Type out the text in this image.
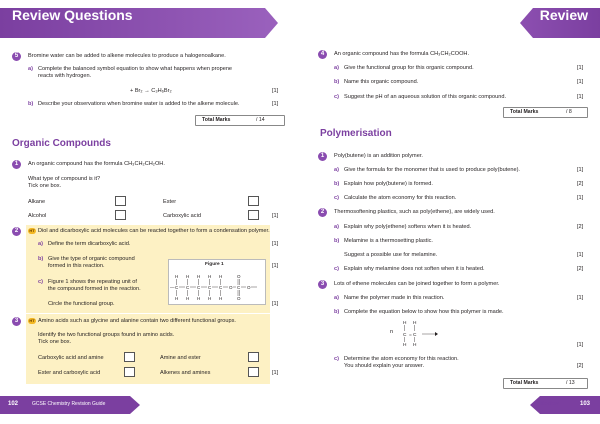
Review Questions
5	Bromine water can be added to alkene molecules to produce a halogenoalkane.
a) Complete the balanced symbol equation to show what happens when propene
reacts with hydrogen.
+ Br₂ → C₃H₆Br₂	[1]
b) Describe your observations when bromine water is added to the alkene molecule.	[1]
Total Marks	/ 14
Organic Compounds
1	An organic compound has the formula CH₃CH₂CH₂OH.
What type of compound is it?
Tick one box.
Alkane	Ester
Alcohol	Carboxylic acid	[1]
2	HT Diol and dicarboxylic acid molecules can be reacted together to form a condensation polymer.
a) Define the term dicarboxylic acid.	[1]
b) Give the type of organic compound
formed in this reaction.	[1]
c) Figure 1 shows the repeating unit of
the compound formed in the reaction.
Circle the functional group.	[1]
Figure 1
O
O
H H H H H
H H H H H
— C C C C C O C O
3	HT Amino acids such as glycine and alanine contain two different functional groups.
Identify the two functional groups found in amino acids.
Tick one box.
Carboxylic acid and amine	Amine and ester
Ester and carboxylic acid	Alkenes and amines	[1]
102	GCSE Chemistry Revision Guide
Review
4	An organic compound has the formula CH₃CH₂COOH.
a) Give the functional group for this organic compound.	[1]
b) Name this organic compound.	[1]
c) Suggest the pH of an aqueous solution of this organic compound.	[1]
Total Marks	/ 8
Polymerisation
1	Poly(butene) is an addition polymer.
a) Give the formula for the monomer that is used to produce poly(butene).	[1]
b) Explain how poly(butene) is formed.	[2]
c) Calculate the atom economy for this reaction.	[1]
2	Thermosoftening plastics, such as poly(ethene), are widely used.
a) Explain why poly(ethene) softens when it is heated.	[2]
b) Melamine is a thermosetting plastic.
Suggest a possible use for melamine.	[1]
c) Explain why melamine does not soften when it is heated.	[2]
3	Lots of ethene molecules can be joined together to form a polymer.
a) Name the polymer made in this reaction.	[1]
b) Complete the equation below to show how this polymer is made.
n
H H
C = C
H H	[1]
c) Determine the atom economy for this reaction.
You should explain your answer.	[2]
Total Marks	/ 13
Review	103
